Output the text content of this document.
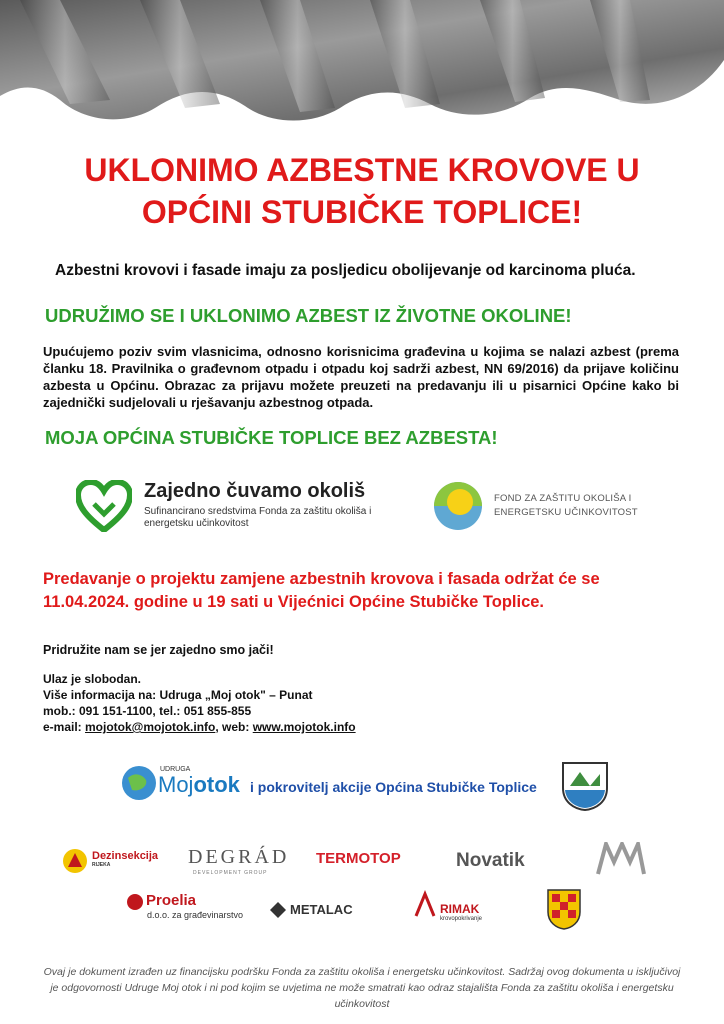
UKLONIMO AZBESTNE KROVOVE U
OPĆINI STUBIČKE TOPLICE!
Azbestni krovovi i fasade imaju za posljedicu obolijevanje od karcinoma pluća.
UDRUŽIMO SE I UKLONIMO AZBEST IZ ŽIVOTNE OKOLINE!
Upućujemo poziv svim vlasnicima, odnosno korisnicima građevina u kojima se nalazi azbest (prema članku 18. Pravilnika o građevnom otpadu i otpadu koj sadrži azbest, NN 69/2016) da prijave količinu azbesta u Općinu. Obrazac za prijavu možete preuzeti na predavanju ili u pisarnici Općine kako bi zajednički sudjelovali u rješavanju azbestnog otpada.
MOJA OPĆINA STUBIČKE TOPLICE BEZ AZBESTA!
Zajedno čuvamo okoliš
Sufinancirano sredstvima Fonda za zaštitu okoliša i energetsku učinkovitost
FOND ZA ZAŠTITU OKOLIŠA I
ENERGETSKU UČINKOVITOST
Predavanje o projektu zamjene azbestnih krovova i fasada održat će se
11.04.2024. godine u 19 sati u Vijećnici Općine Stubičke Toplice.
Pridružite nam se jer zajedno smo jači!
Ulaz je slobodan.
Više informacija na: Udruga „Moj otok" – Punat
mob.: 091 151-1100, tel.: 051 855-855
e-mail: mojotok@mojotok.info, web: www.mojotok.info
UDRUGA
Mojotok i pokrovitelj akcije Općina Stubičke Toplice
Dezinsekcija
RIJEKA	DEGRÁD
DEVELOPMENT GROUP
TERMOTOP	Novatik
Proelia
d.o.o. za građevinarstvo	METALAC	RIMAK
krovopokrivanje
Ovaj je dokument izrađen uz financijsku podršku Fonda za zaštitu okoliša i energetsku učinkovitost. Sadržaj ovog dokumenta u isključivoj je odgovornosti Udruge Moj otok i ni pod kojim se uvjetima ne može smatrati kao odraz stajališta Fonda za zaštitu okoliša i energetsku učinkovitost
